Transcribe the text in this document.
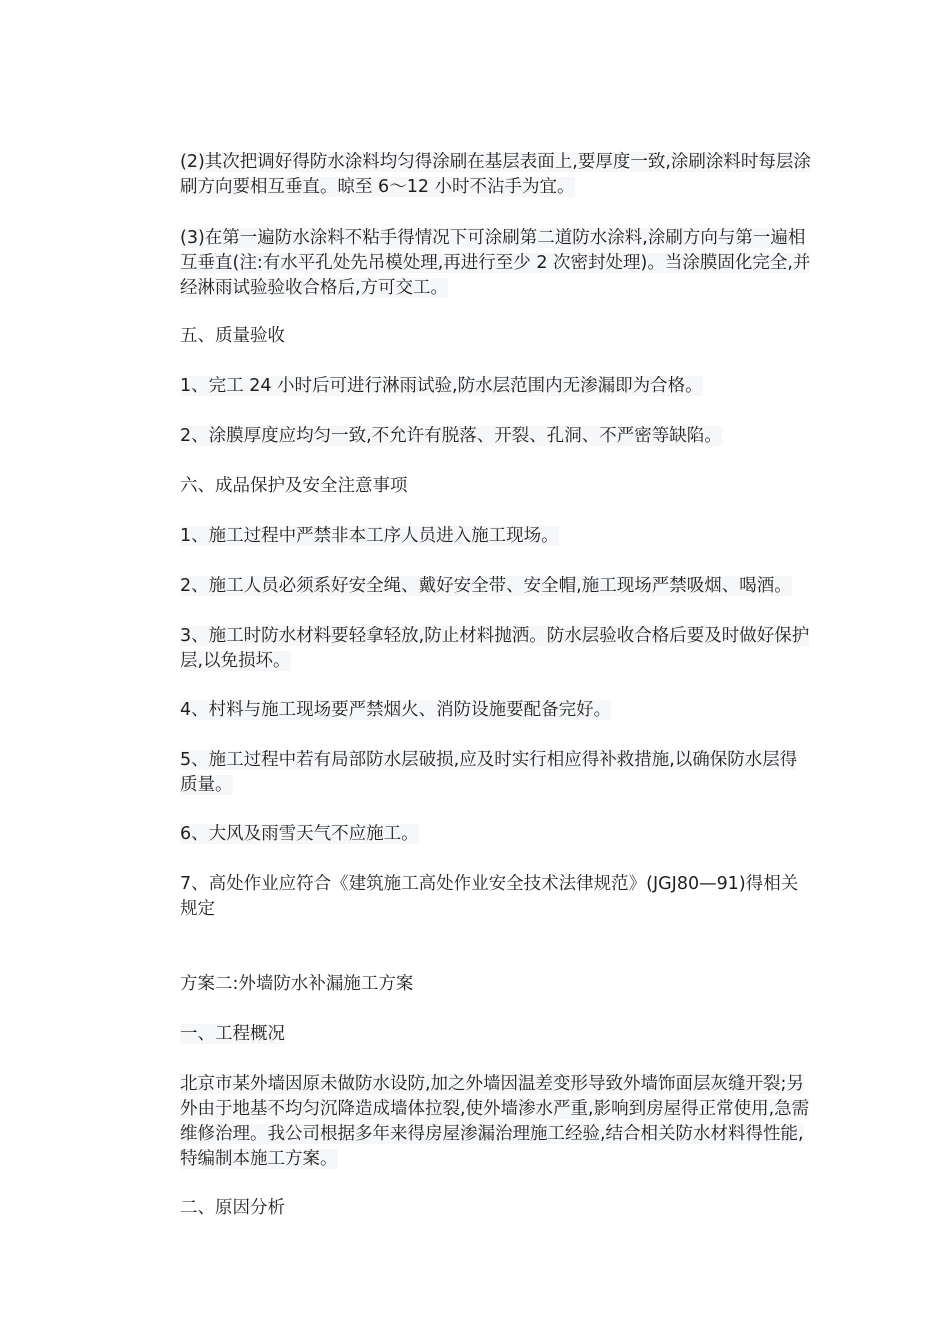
(2)其次把调好得防水涂料均匀得涂刷在基层表面上,要厚度一致,涂刷涂料时每层涂刷方向要相互垂直。晾至 6～12 小时不沾手为宜。

(3)在第一遍防水涂料不粘手得情况下可涂刷第二道防水涂料,涂刷方向与第一遍相互垂直(注:有水平孔处先吊模处理,再进行至少 2 次密封处理)。当涂膜固化完全,并经淋雨试验验收合格后,方可交工。

五、质量验收

1、完工 24 小时后可进行淋雨试验,防水层范围内无渗漏即为合格。

2、涂膜厚度应均匀一致,不允许有脱落、开裂、孔洞、不严密等缺陷。

六、成品保护及安全注意事项

1、施工过程中严禁非本工序人员进入施工现场。

2、施工人员必须系好安全绳、戴好安全带、安全帽,施工现场严禁吸烟、喝酒。

3、施工时防水材料要轻拿轻放,防止材料抛洒。防水层验收合格后要及时做好保护层,以免损坏。

4、村料与施工现场要严禁烟火、消防设施要配备完好。

5、施工过程中若有局部防水层破损,应及时实行相应得补救措施,以确保防水层得质量。

6、大风及雨雪天气不应施工。

7、高处作业应符合《建筑施工高处作业安全技术法律规范》(JGJ80—91)得相关规定

方案二:外墙防水补漏施工方案

一、工程概况

北京市某外墙因原未做防水设防,加之外墙因温差变形导致外墙饰面层灰缝开裂;另外由于地基不均匀沉降造成墙体拉裂,使外墙渗水严重,影响到房屋得正常使用,急需维修治理。我公司根据多年来得房屋渗漏治理施工经验,结合相关防水材料得性能,特编制本施工方案。

二、原因分析
